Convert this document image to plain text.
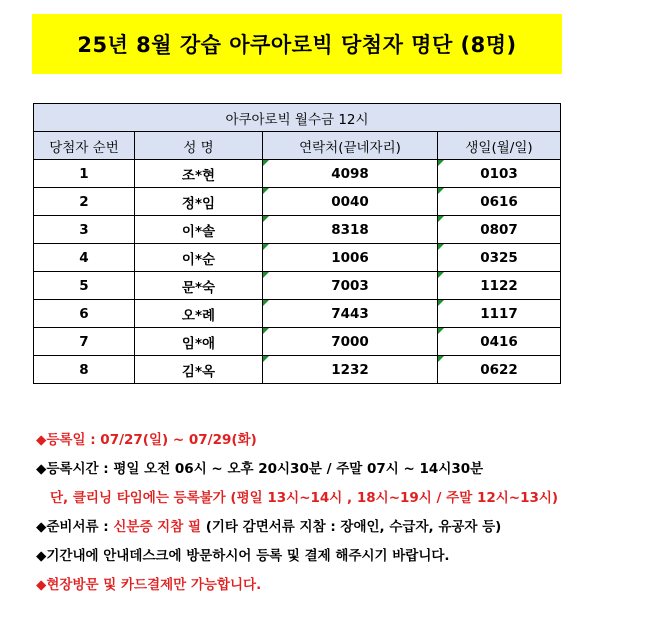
25년 8월 강습 아쿠아로빅 당첨자 명단 (8명)
아쿠아로빅 월수금 12시			
당첨자 순번	성 명	연락처(끝네자리)	생일(월/일)
1	조*현	4098	0103
2	정*임	0040	0616
3	이*솔	8318	0807
4	이*순	1006	0325
5	문*숙	7003	1122
6	오*례	7443	1117
7	임*애	7000	0416
8	김*옥	1232	0622
◆등록일 : 07/27(일) ~ 07/29(화)
◆등록시간 : 평일 오전 06시 ~ 오후 20시30분 / 주말 07시 ~ 14시30분
단, 클리닝 타임에는 등록불가 (평일 13시~14시 , 18시~19시 / 주말 12시~13시)
◆준비서류 : 신분증 지참 필 (기타 감면서류 지참 : 장애인, 수급자, 유공자 등)
◆기간내에 안내데스크에 방문하시어 등록 및 결제 해주시기 바랍니다.
◆현장방문 및 카드결제만 가능합니다.
